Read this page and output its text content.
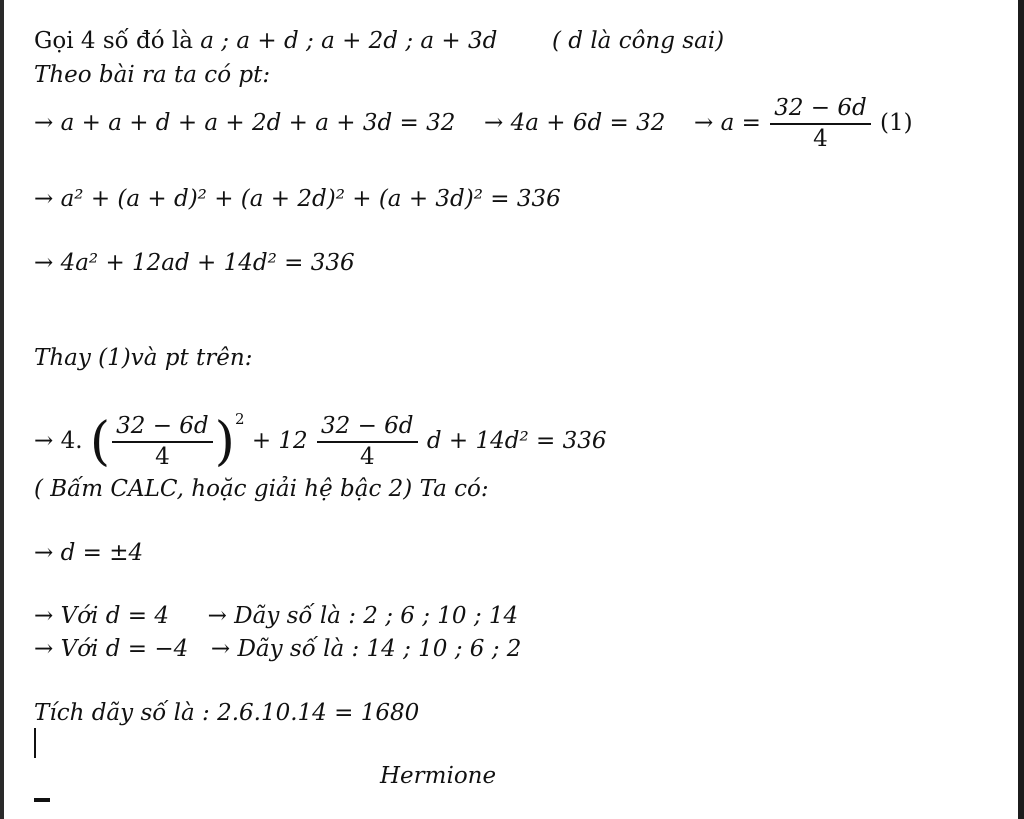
Gọi 4 số đó là a ; a + d ; a + 2d ; a + 3d ( d là công sai)
Theo bài ra ta có pt:
→ $a + a + d + a + 2d + a + 3d = 32 \to 4a + 6d = 32 \to a = \frac{32 - 6d}{4} (1)$
→ a² + (a + d)² + (a + 2d)² + (a + 3d)² = 336
→ 4a² + 12ad + 14d² = 336
Thay (1)và pt trên:
→ 4. ( $\frac{32 - 6d}{4} )^2 + 12 \frac{32 - 6d}{4}$ d + 14d² = 336
( Bấm CALC, hoặc giải hệ bậc 2) Ta có:
→ d = ±4
→ Với d = 4 → Dãy số là : 2 ; 6 ; 10 ; 14
→ Với d = −4 → Dãy số là : 14 ; 10 ; 6 ; 2
Tích dãy số là : 2.6.10.14 = 1680
Hermione
